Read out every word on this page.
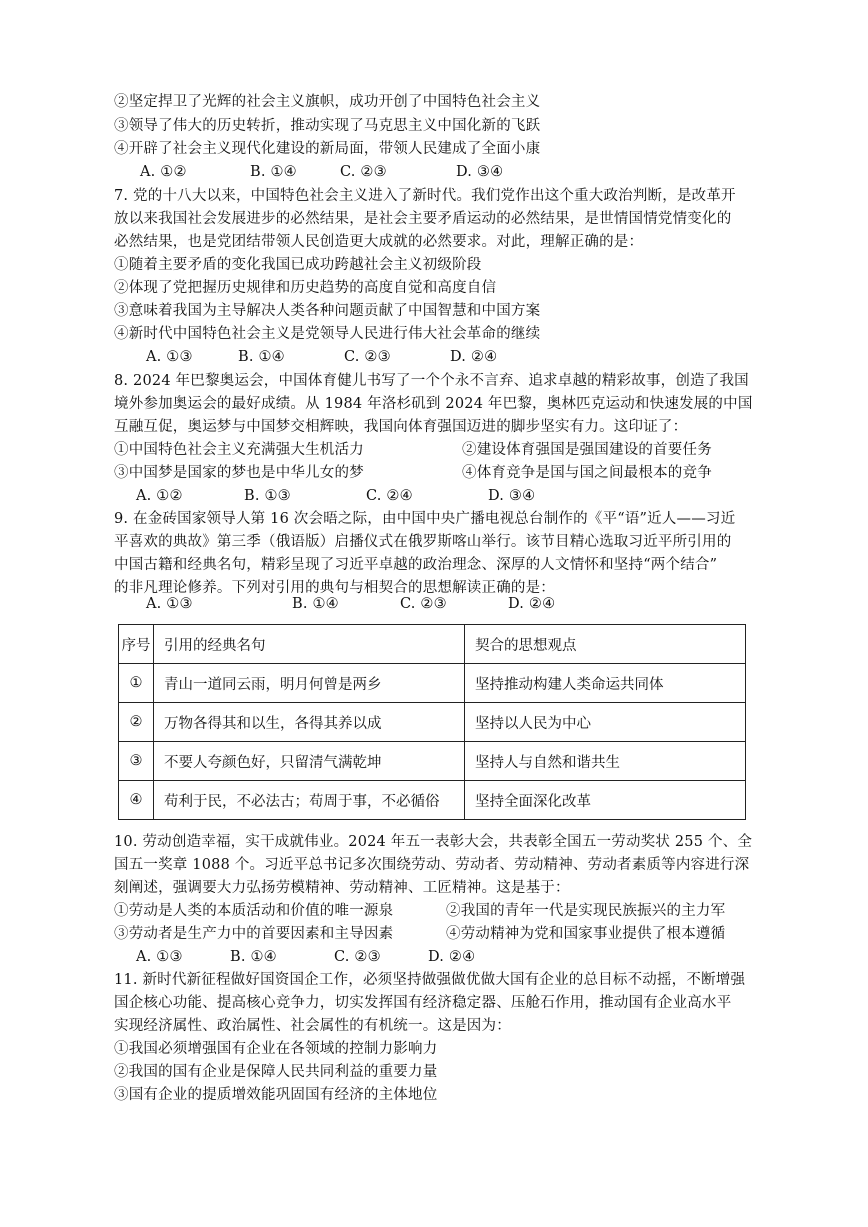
②坚定捍卫了光辉的社会主义旗帜，成功开创了中国特色社会主义
③领导了伟大的历史转折，推动实现了马克思主义中国化新的飞跃
④开辟了社会主义现代化建设的新局面，带领人民建成了全面小康
A. ①②	B. ①④	C. ②③	D. ③④
7. 党的十八大以来，中国特色社会主义进入了新时代。我们党作出这个重大政治判断，是改革开
放以来我国社会发展进步的必然结果，是社会主要矛盾运动的必然结果，是世情国情党情变化的
必然结果，也是党团结带领人民创造更大成就的必然要求。对此，理解正确的是：
①随着主要矛盾的变化我国已成功跨越社会主义初级阶段
②体现了党把握历史规律和历史趋势的高度自觉和高度自信
③意味着我国为主导解决人类各种问题贡献了中国智慧和中国方案
④新时代中国特色社会主义是党领导人民进行伟大社会革命的继续
A. ①③	B. ①④	C. ②③	D. ②④
8. 2024 年巴黎奥运会，中国体育健儿书写了一个个永不言弃、追求卓越的精彩故事，创造了我国
境外参加奥运会的最好成绩。从 1984 年洛杉矶到 2024 年巴黎，奥林匹克运动和快速发展的中国
互融互促，奥运梦与中国梦交相辉映，我国向体育强国迈进的脚步坚实有力。这印证了：
①中国特色社会主义充满强大生机活力	②建设体育强国是强国建设的首要任务
③中国梦是国家的梦也是中华儿女的梦	④体育竞争是国与国之间最根本的竞争
A. ①②	B. ①③	C. ②④	D. ③④
9. 在金砖国家领导人第 16 次会晤之际，由中国中央广播电视总台制作的《平“语”近人——习近
平喜欢的典故》第三季（俄语版）启播仪式在俄罗斯喀山举行。该节目精心选取习近平所引用的
中国古籍和经典名句，精彩呈现了习近平卓越的政治理念、深厚的人文情怀和坚持“两个结合”
的非凡理论修养。下列对引用的典句与相契合的思想解读正确的是：
A. ①③	B. ①④	C. ②③	D. ②④
序号	引用的经典名句	契合的思想观点
①	青山一道同云雨，明月何曾是两乡	坚持推动构建人类命运共同体
②	万物各得其和以生，各得其养以成	坚持以人民为中心
③	不要人夸颜色好，只留清气满乾坤	坚持人与自然和谐共生
④	苟利于民，不必法古；苟周于事，不必循俗	坚持全面深化改革
10. 劳动创造幸福，实干成就伟业。2024 年五一表彰大会，共表彰全国五一劳动奖状 255 个、全
国五一奖章 1088 个。习近平总书记多次围绕劳动、劳动者、劳动精神、劳动者素质等内容进行深
刻阐述，强调要大力弘扬劳模精神、劳动精神、工匠精神。这是基于：
①劳动是人类的本质活动和价值的唯一源泉	②我国的青年一代是实现民族振兴的主力军
③劳动者是生产力中的首要因素和主导因素	④劳动精神为党和国家事业提供了根本遵循
A. ①③	B. ①④	C. ②③	D. ②④
11. 新时代新征程做好国资国企工作，必须坚持做强做优做大国有企业的总目标不动摇，不断增强
国企核心功能、提高核心竞争力，切实发挥国有经济稳定器、压舱石作用，推动国有企业高水平
实现经济属性、政治属性、社会属性的有机统一。这是因为：
①我国必须增强国有企业在各领域的控制力影响力
②我国的国有企业是保障人民共同利益的重要力量
③国有企业的提质增效能巩固国有经济的主体地位
